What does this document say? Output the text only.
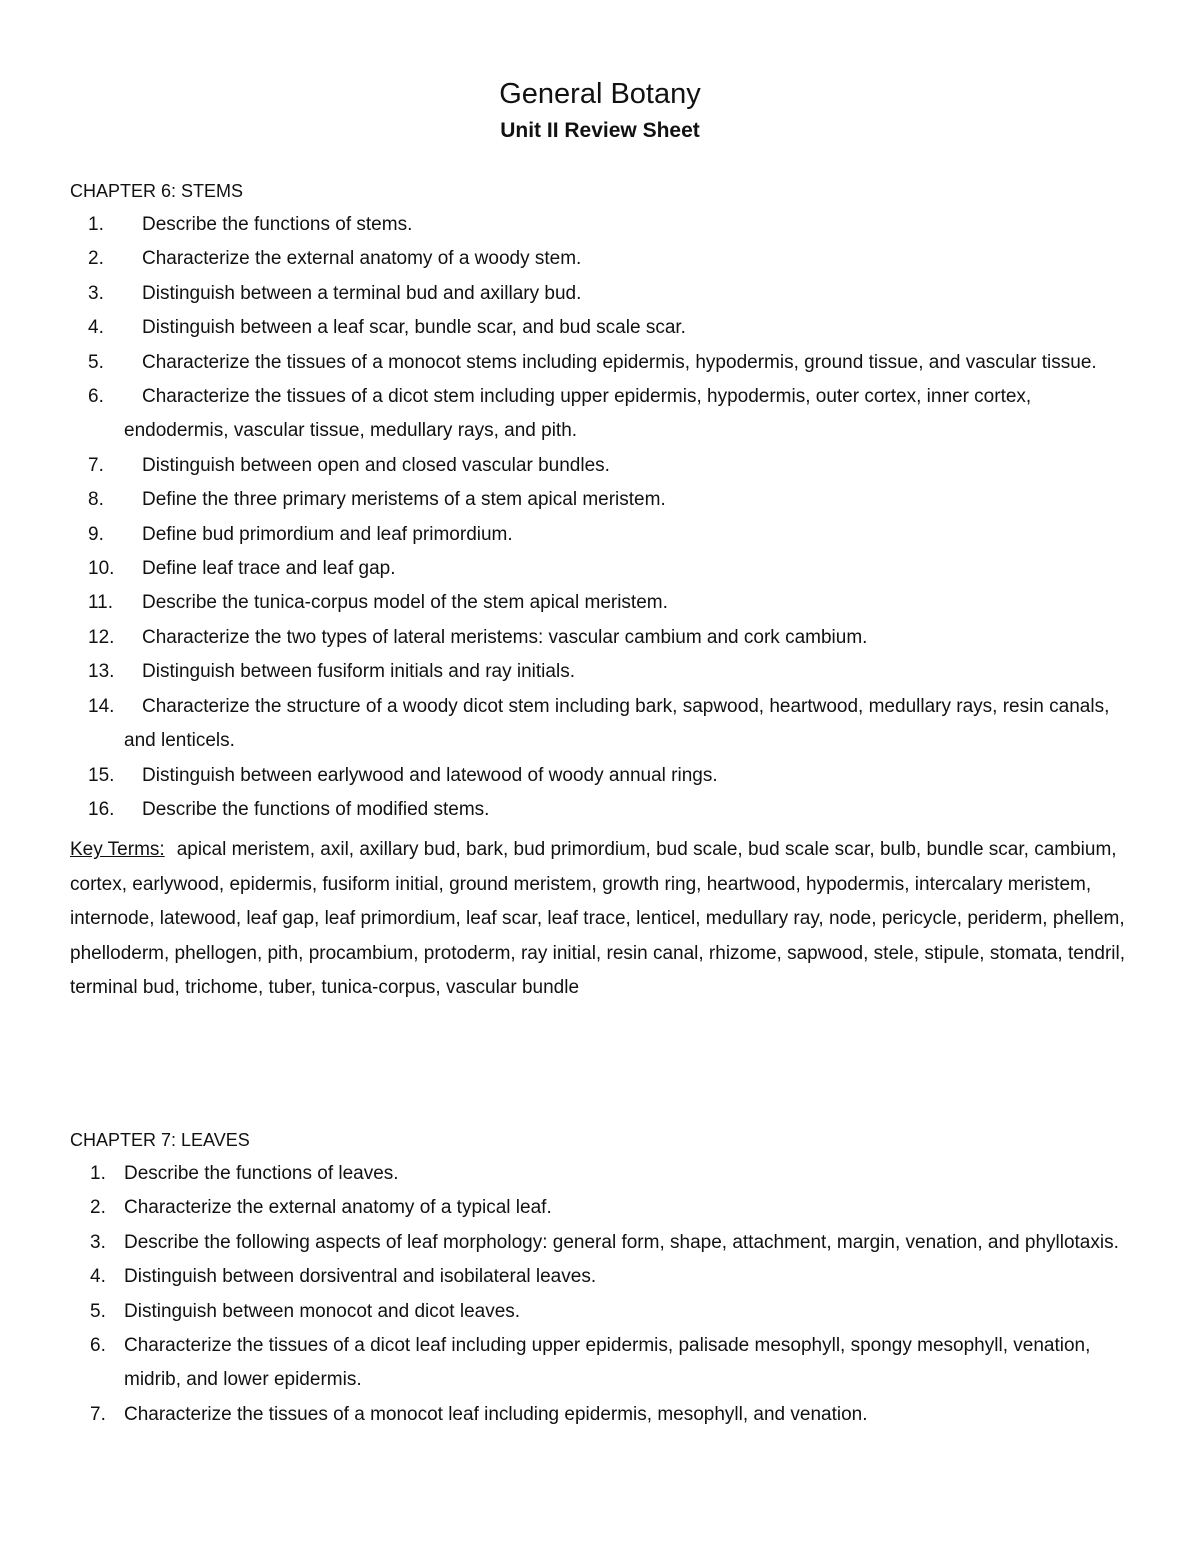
General Botany
Unit II Review Sheet
CHAPTER 6: STEMS
1.	Describe the functions of stems.
2.	Characterize the external anatomy of a woody stem.
3.	Distinguish between a terminal bud and axillary bud.
4.	Distinguish between a leaf scar, bundle scar, and bud scale scar.
5.	Characterize the tissues of a monocot stems including epidermis, hypodermis, ground tissue, and vascular tissue.
6.	Characterize the tissues of a dicot stem including upper epidermis, hypodermis, outer cortex, inner cortex, endodermis, vascular tissue, medullary rays, and pith.
7.	Distinguish between open and closed vascular bundles.
8.	Define the three primary meristems of a stem apical meristem.
9.	Define bud primordium and leaf primordium.
10.	Define leaf trace and leaf gap.
11.	Describe the tunica-corpus model of the stem apical meristem.
12.	Characterize the two types of lateral meristems: vascular cambium and cork cambium.
13.	Distinguish between fusiform initials and ray initials.
14.	Characterize the structure of a woody dicot stem including bark, sapwood, heartwood, medullary rays, resin canals, and lenticels.
15.	Distinguish between earlywood and latewood of woody annual rings.
16.	Describe the functions of modified stems.

Key Terms: apical meristem, axil, axillary bud, bark, bud primordium, bud scale, bud scale scar, bulb, bundle scar, cambium, cortex, earlywood, epidermis, fusiform initial, ground meristem, growth ring, heartwood, hypodermis, intercalary meristem, internode, latewood, leaf gap, leaf primordium, leaf scar, leaf trace, lenticel, medullary ray, node, pericycle, periderm, phellem, phelloderm, phellogen, pith, procambium, protoderm, ray initial, resin canal, rhizome, sapwood, stele, stipule, stomata, tendril, terminal bud, trichome, tuber, tunica-corpus, vascular bundle

CHAPTER 7: LEAVES
1. Describe the functions of leaves.
2. Characterize the external anatomy of a typical leaf.
3. Describe the following aspects of leaf morphology: general form, shape, attachment, margin, venation, and phyllotaxis.
4. Distinguish between dorsiventral and isobilateral leaves.
5. Distinguish between monocot and dicot leaves.
6. Characterize the tissues of a dicot leaf including upper epidermis, palisade mesophyll, spongy mesophyll, venation, midrib, and lower epidermis.
7. Characterize the tissues of a monocot leaf including epidermis, mesophyll, and venation.
